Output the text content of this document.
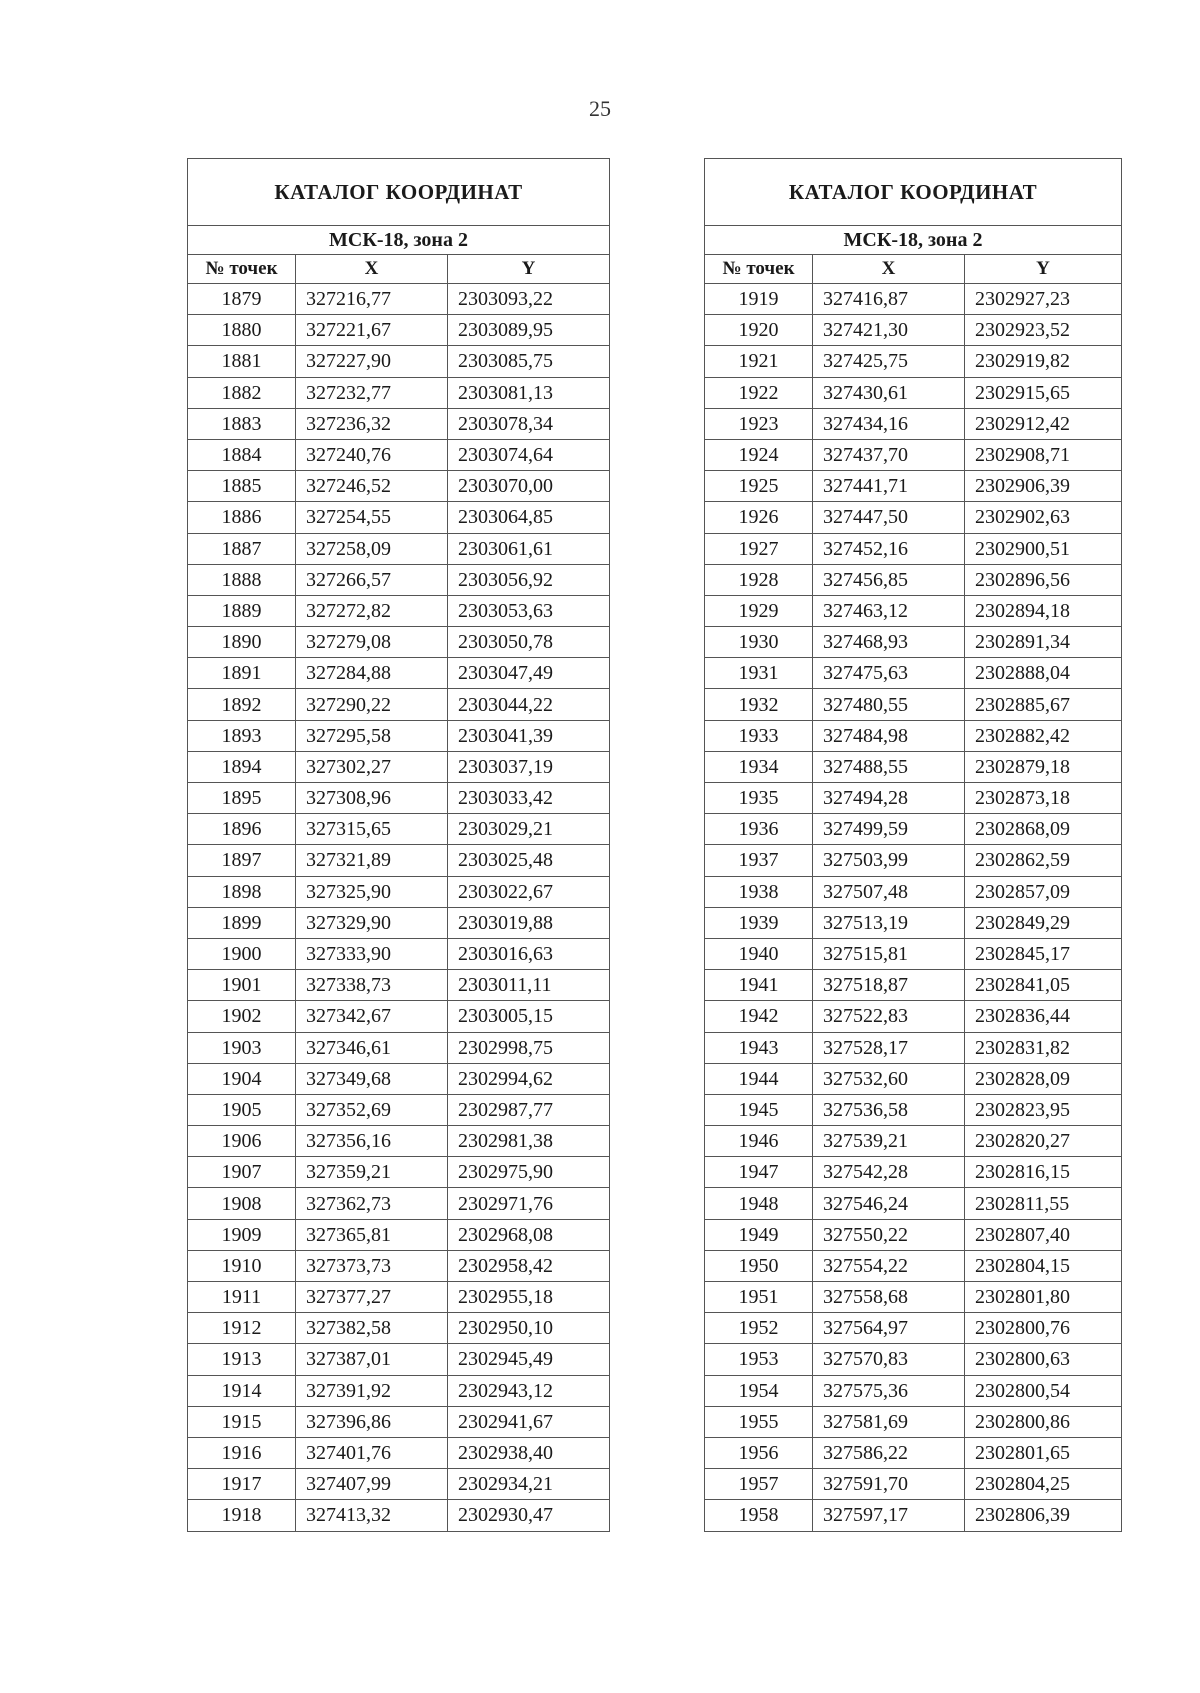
25
КАТАЛОГ КООРДИНАТ		
МСК-18, зона 2		
№ точек	X	Y
1879	327216,77	2303093,22
1880	327221,67	2303089,95
1881	327227,90	2303085,75
1882	327232,77	2303081,13
1883	327236,32	2303078,34
1884	327240,76	2303074,64
1885	327246,52	2303070,00
1886	327254,55	2303064,85
1887	327258,09	2303061,61
1888	327266,57	2303056,92
1889	327272,82	2303053,63
1890	327279,08	2303050,78
1891	327284,88	2303047,49
1892	327290,22	2303044,22
1893	327295,58	2303041,39
1894	327302,27	2303037,19
1895	327308,96	2303033,42
1896	327315,65	2303029,21
1897	327321,89	2303025,48
1898	327325,90	2303022,67
1899	327329,90	2303019,88
1900	327333,90	2303016,63
1901	327338,73	2303011,11
1902	327342,67	2303005,15
1903	327346,61	2302998,75
1904	327349,68	2302994,62
1905	327352,69	2302987,77
1906	327356,16	2302981,38
1907	327359,21	2302975,90
1908	327362,73	2302971,76
1909	327365,81	2302968,08
1910	327373,73	2302958,42
1911	327377,27	2302955,18
1912	327382,58	2302950,10
1913	327387,01	2302945,49
1914	327391,92	2302943,12
1915	327396,86	2302941,67
1916	327401,76	2302938,40
1917	327407,99	2302934,21
1918	327413,32	2302930,47
КАТАЛОГ КООРДИНАТ		
МСК-18, зона 2		
№ точек	X	Y
1919	327416,87	2302927,23
1920	327421,30	2302923,52
1921	327425,75	2302919,82
1922	327430,61	2302915,65
1923	327434,16	2302912,42
1924	327437,70	2302908,71
1925	327441,71	2302906,39
1926	327447,50	2302902,63
1927	327452,16	2302900,51
1928	327456,85	2302896,56
1929	327463,12	2302894,18
1930	327468,93	2302891,34
1931	327475,63	2302888,04
1932	327480,55	2302885,67
1933	327484,98	2302882,42
1934	327488,55	2302879,18
1935	327494,28	2302873,18
1936	327499,59	2302868,09
1937	327503,99	2302862,59
1938	327507,48	2302857,09
1939	327513,19	2302849,29
1940	327515,81	2302845,17
1941	327518,87	2302841,05
1942	327522,83	2302836,44
1943	327528,17	2302831,82
1944	327532,60	2302828,09
1945	327536,58	2302823,95
1946	327539,21	2302820,27
1947	327542,28	2302816,15
1948	327546,24	2302811,55
1949	327550,22	2302807,40
1950	327554,22	2302804,15
1951	327558,68	2302801,80
1952	327564,97	2302800,76
1953	327570,83	2302800,63
1954	327575,36	2302800,54
1955	327581,69	2302800,86
1956	327586,22	2302801,65
1957	327591,70	2302804,25
1958	327597,17	2302806,39
